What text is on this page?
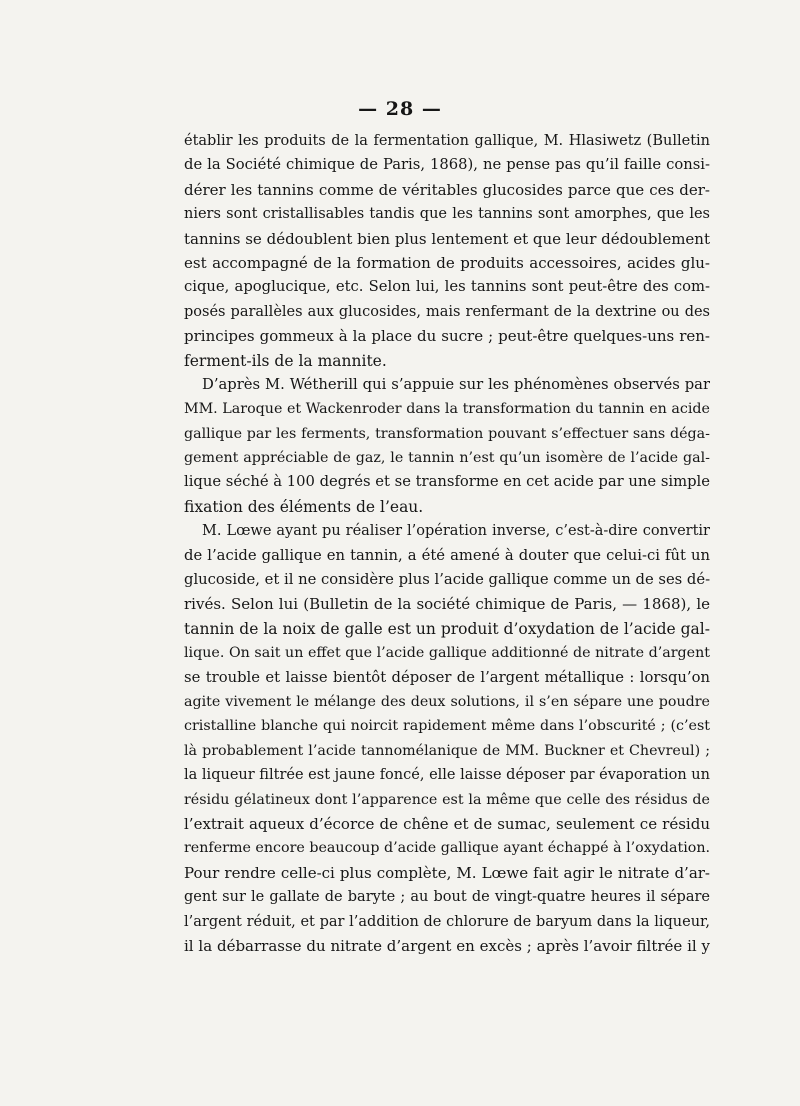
— 28 —
établir les produits de la fermentation gallique, M. Hlasiwetz (Bulletin
de la Société chimique de Paris, 1868), ne pense pas qu’il faille consi-
dérer les tannins comme de véritables glucosides parce que ces der-
niers sont cristallisables tandis que les tannins sont amorphes, que les
tannins se dédoublent bien plus lentement et que leur dédoublement
est accompagné de la formation de produits accessoires, acides glu-
cique, apoglucique, etc. Selon lui, les tannins sont peut-être des com-
posés parallèles aux glucosides, mais renfermant de la dextrine ou des
principes gommeux à la place du sucre ; peut-être quelques-uns ren-
ferment-ils de la mannite.
D’après M. Wétherill qui s’appuie sur les phénomènes observés par
MM. Laroque et Wackenroder dans la transformation du tannin en acide
gallique par les ferments, transformation pouvant s’effectuer sans déga-
gement appréciable de gaz, le tannin n’est qu’un isomère de l’acide gal-
lique séché à 100 degrés et se transforme en cet acide par une simple
fixation des éléments de l’eau.
M. Lœwe ayant pu réaliser l’opération inverse, c’est-à-dire convertir
de l’acide gallique en tannin, a été amené à douter que celui-ci fût un
glucoside, et il ne considère plus l’acide gallique comme un de ses dé-
rivés. Selon lui (Bulletin de la société chimique de Paris, — 1868), le
tannin de la noix de galle est un produit d’oxydation de l’acide gal-
lique. On sait un effet que l’acide gallique additionné de nitrate d’argent
se trouble et laisse bientôt déposer de l’argent métallique : lorsqu’on
agite vivement le mélange des deux solutions, il s’en sépare une poudre
cristalline blanche qui noircit rapidement même dans l’obscurité ; (c’est
là probablement l’acide tannomélanique de MM. Buckner et Chevreul) ;
la liqueur filtrée est jaune foncé, elle laisse déposer par évaporation un
résidu gélatineux dont l’apparence est la même que celle des résidus de
l’extrait aqueux d’écorce de chêne et de sumac, seulement ce résidu
renferme encore beaucoup d’acide gallique ayant échappé à l’oxydation.
Pour rendre celle-ci plus complète, M. Lœwe fait agir le nitrate d’ar-
gent sur le gallate de baryte ; au bout de vingt-quatre heures il sépare
l’argent réduit, et par l’addition de chlorure de baryum dans la liqueur,
il la débarrasse du nitrate d’argent en excès ; après l’avoir filtrée il y
